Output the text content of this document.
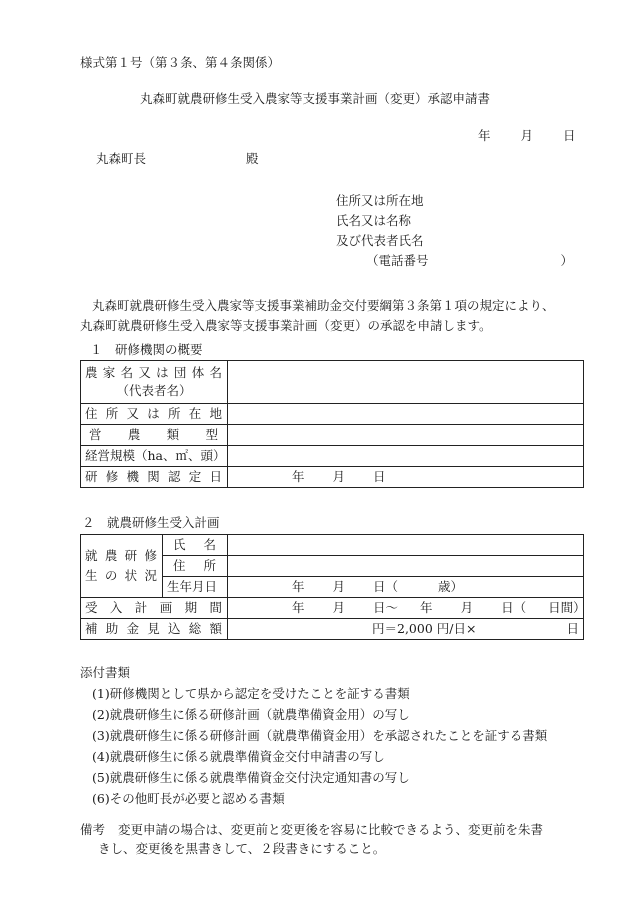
様式第１号（第３条、第４条関係）
丸森町就農研修生受入農家等支援事業計画（変更）承認申請書
年 月 日
丸森町長	殿
住所又は所在地
氏名又は名称
及び代表者氏名
（電話番号	）
丸森町就農研修生受入農家等支援事業補助金交付要綱第３条第１項の規定により、
丸森町就農研修生受入農家等支援事業計画（変更）の承認を申請します。
１　研修機関の概要
農家名又は団体名
（代表者名）	

住所又は所在地	

営農類型	

経営規模（ha、㎡、頭）	

研修機関認定日	年 月 日
２　就農研修生受入計画
就農研修
生の状況	氏名	

	住所	

	生年月日	年 月 日（ 歳）

受入計画期間		年 月 日～ 年 月 日（ 日間）

補助金見込総額		円＝2,000 円/日× 日
添付書類
(1)研修機関として県から認定を受けたことを証する書類
(2)就農研修生に係る研修計画（就農準備資金用）の写し
(3)就農研修生に係る研修計画（就農準備資金用）を承認されたことを証する書類
(4)就農研修生に係る就農準備資金交付申請書の写し
(5)就農研修生に係る就農準備資金交付決定通知書の写し
(6)その他町長が必要と認める書類
備考 変更申請の場合は、変更前と変更後を容易に比較できるよう、変更前を朱書
きし、変更後を黒書きして、２段書きにすること。
